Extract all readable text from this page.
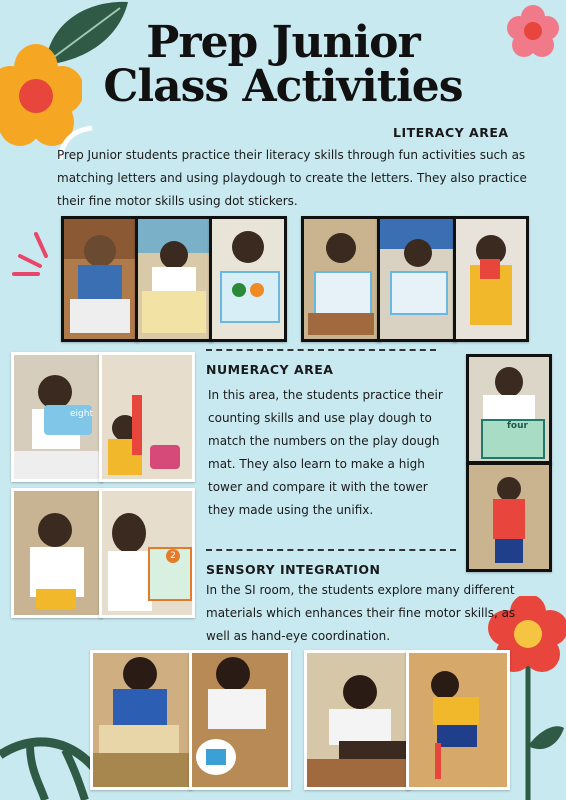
Prep Junior
Class Activities
LITERACY AREA
Prep Junior students practice their literacy skills through fun activities such as matching letters and using playdough to create the letters. They also practice their fine motor skills using dot stickers.
eight
2
NUMERACY AREA
In this area, the students practice their counting skills and use play dough to match the numbers on the play dough mat. They also learn to make a high tower and compare it with the tower they made using the unifix.
four
SENSORY INTEGRATION
In the SI room, the students explore many different materials which enhances their fine motor skills, as well as hand-eye coordination.
